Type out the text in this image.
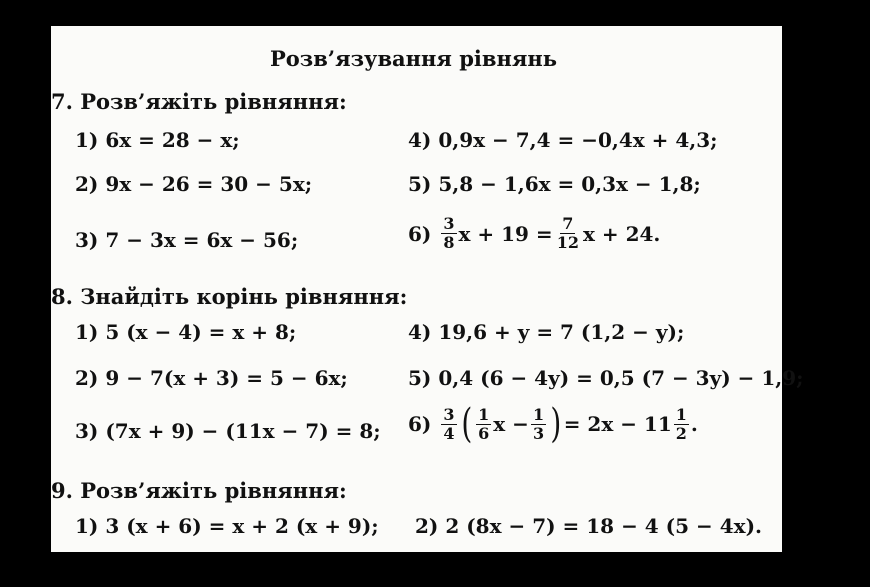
Розв’язування рівнянь
7. Розв’яжіть рівняння:
1) 6x = 28 − x;
2) 9x − 26 = 30 − 5x;
3) 7 − 3x = 6x − 56;
4) 0,9x − 7,4 = −0,4x + 4,3;
5) 5,8 − 1,6x = 0,3x − 1,8;
$6) \frac{3}{8}$ $x + 19 = \frac{7}{12}$ x + 24.
8. Знайдіть корінь рівняння:
1) 5 (x − 4) = x + 8;
2) 9 − 7(x + 3) = 5 − 6x;
3) (7x + 9) − (11x − 7) = 8;
4) 19,6 + y = 7 (1,2 − y);
5) 0,4 (6 − 4y) = 0,5 (7 − 3y) − 1,9;
$6) \frac{3}{4}$ ( $\frac{1}{6}$ $x - \frac{1}{3}$ ) = $2x - 11 \frac{1}{2}$ .
9. Розв’яжіть рівняння:
1) 3 (x + 6) = x + 2 (x + 9); 2) 2 (8x − 7) = 18 − 4 (5 − 4x).
